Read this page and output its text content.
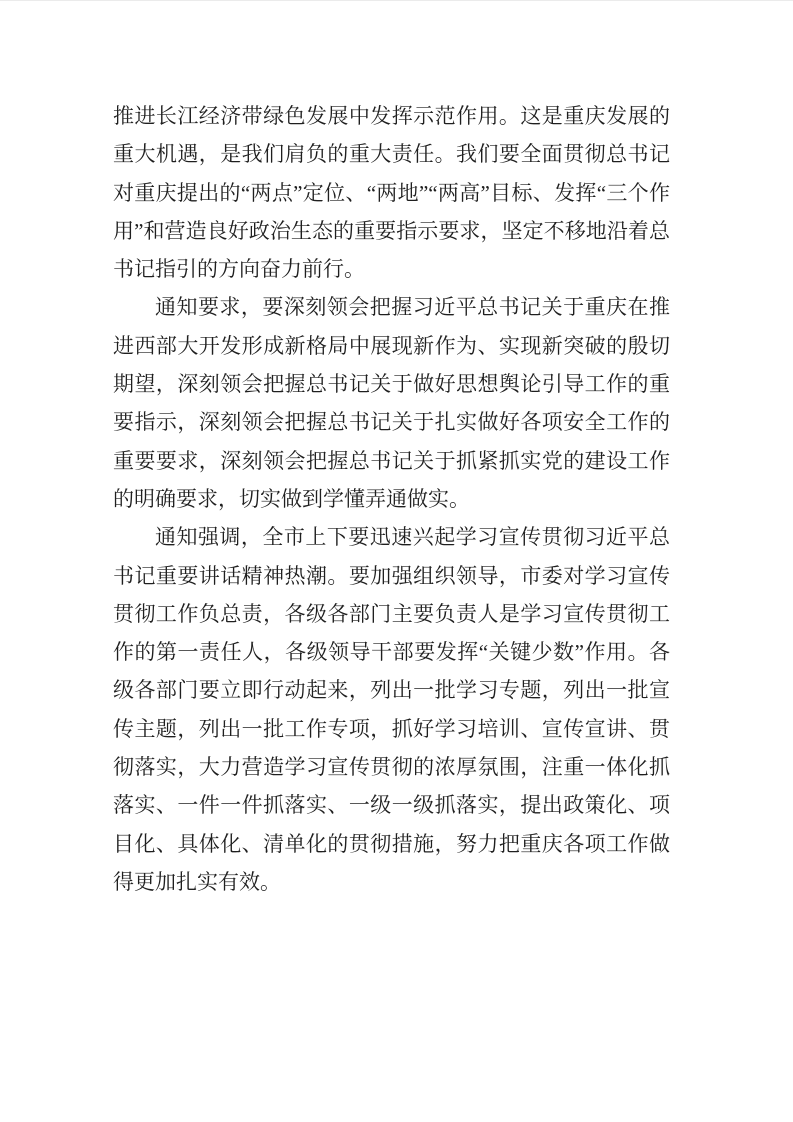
推进长江经济带绿色发展中发挥示范作用。这是重庆发展的重大机遇，是我们肩负的重大责任。我们要全面贯彻总书记对重庆提出的“两点”定位、“两地”“两高”目标、发挥“三个作用”和营造良好政治生态的重要指示要求，坚定不移地沿着总书记指引的方向奋力前行。

通知要求，要深刻领会把握习近平总书记关于重庆在推进西部大开发形成新格局中展现新作为、实现新突破的殷切期望，深刻领会把握总书记关于做好思想舆论引导工作的重要指示，深刻领会把握总书记关于扎实做好各项安全工作的重要要求，深刻领会把握总书记关于抓紧抓实党的建设工作的明确要求，切实做到学懂弄通做实。

通知强调，全市上下要迅速兴起学习宣传贯彻习近平总书记重要讲话精神热潮。要加强组织领导，市委对学习宣传贯彻工作负总责，各级各部门主要负责人是学习宣传贯彻工作的第一责任人，各级领导干部要发挥“关键少数”作用。各级各部门要立即行动起来，列出一批学习专题，列出一批宣传主题，列出一批工作专项，抓好学习培训、宣传宣讲、贯彻落实，大力营造学习宣传贯彻的浓厚氛围，注重一体化抓落实、一件一件抓落实、一级一级抓落实，提出政策化、项目化、具体化、清单化的贯彻措施，努力把重庆各项工作做得更加扎实有效。
